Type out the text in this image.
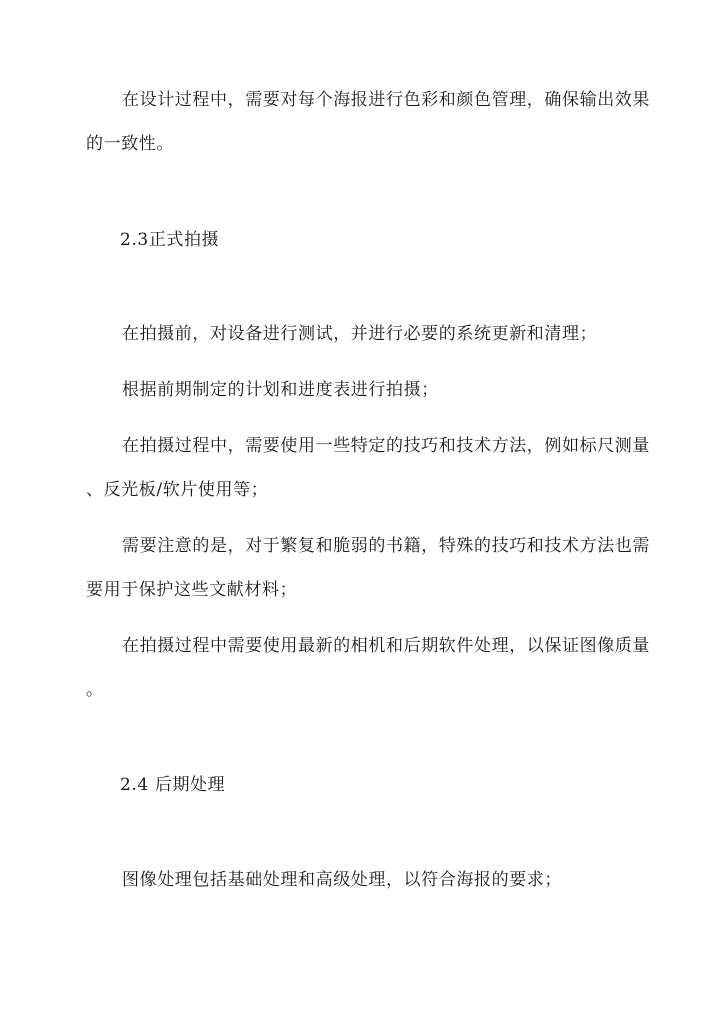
在设计过程中，需要对每个海报进行色彩和颜色管理，确保输出效果
的一致性。
2.3正式拍摄
在拍摄前，对设备进行测试，并进行必要的系统更新和清理；
根据前期制定的计划和进度表进行拍摄；
在拍摄过程中，需要使用一些特定的技巧和技术方法，例如标尺测量
、反光板/软片使用等；
需要注意的是，对于繁复和脆弱的书籍，特殊的技巧和技术方法也需
要用于保护这些文献材料；
在拍摄过程中需要使用最新的相机和后期软件处理，以保证图像质量
。
2.4 后期处理
图像处理包括基础处理和高级处理，以符合海报的要求；
